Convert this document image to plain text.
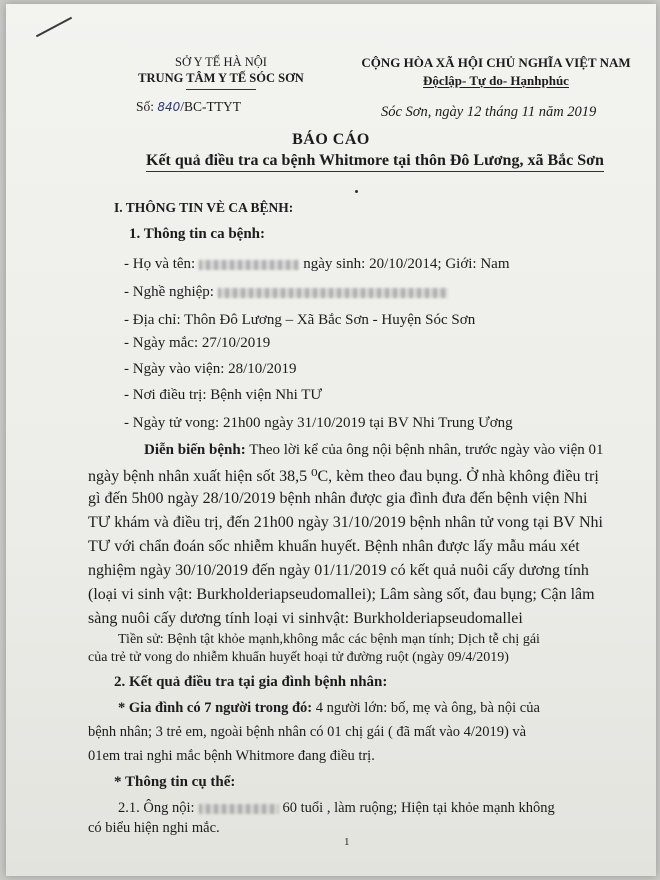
SỞ Y TẾ HÀ NỘI
TRUNG TÂM Y TẾ SÓC SƠN
Số: 840/BC-TTYT
CỘNG HÒA XÃ HỘI CHỦ NGHĨA VIỆT NAM
Độclập- Tự do- Hạnhphúc
Sóc Sơn, ngày 12 tháng 11 năm 2019
BÁO CÁO
Kết quả điều tra ca bệnh Whitmore tại thôn Đô Lương, xã Bắc Sơn
I. THÔNG TIN VÈ CA BỆNH:
1. Thông tin ca bệnh:
- Họ và tên:	ngày sinh: 20/10/2014; Giới: Nam
- Nghề nghiệp:
- Địa chỉ: Thôn Đô Lương – Xã Bắc Sơn - Huyện Sóc Sơn
- Ngày mắc: 27/10/2019
- Ngày vào viện: 28/10/2019
- Nơi điều trị: Bệnh viện Nhi TƯ
- Ngày tử vong: 21h00 ngày 31/10/2019 tại BV Nhi Trung Ương
Diễn biến bệnh: Theo lời kể của ông nội bệnh nhân, trước ngày vào viện 01
ngày bệnh nhân xuất hiện sốt 38,5 ⁰C, kèm theo đau bụng. Ở nhà không điều trị
gì đến 5h00 ngày 28/10/2019 bệnh nhân được gia đình đưa đến bệnh viện Nhi
TƯ khám và điều trị, đến 21h00 ngày 31/10/2019 bệnh nhân tử vong tại BV Nhi
TƯ với chẩn đoán sốc nhiễm khuẩn huyết. Bệnh nhân được lấy mẫu máu xét
nghiệm ngày 30/10/2019 đến ngày 01/11/2019 có kết quả nuôi cấy dương tính
(loại vi sinh vật: Burkholderiapseudomallei); Lâm sàng sốt, đau bụng; Cận lâm
sàng nuôi cấy dương tính loại vi sinhvật: Burkholderiapseudomallei
Tiền sử: Bệnh tật khỏe mạnh,không mắc các bệnh mạn tính; Dịch tễ chị gái
của trẻ tử vong do nhiễm khuẩn huyết hoại tử đường ruột (ngày 09/4/2019)
2. Kết quả điều tra tại gia đình bệnh nhân:
* Gia đình có 7 người trong đó: 4 người lớn: bố, mẹ và ông, bà nội của
bệnh nhân; 3 trẻ em, ngoài bệnh nhân có 01 chị gái ( đã mất vào 4/2019) và
01em trai nghi mắc bệnh Whitmore đang điều trị.
* Thông tin cụ thể:
2.1. Ông nội:	60 tuổi , làm ruộng; Hiện tại khỏe mạnh không
có biểu hiện nghi mắc.
1
